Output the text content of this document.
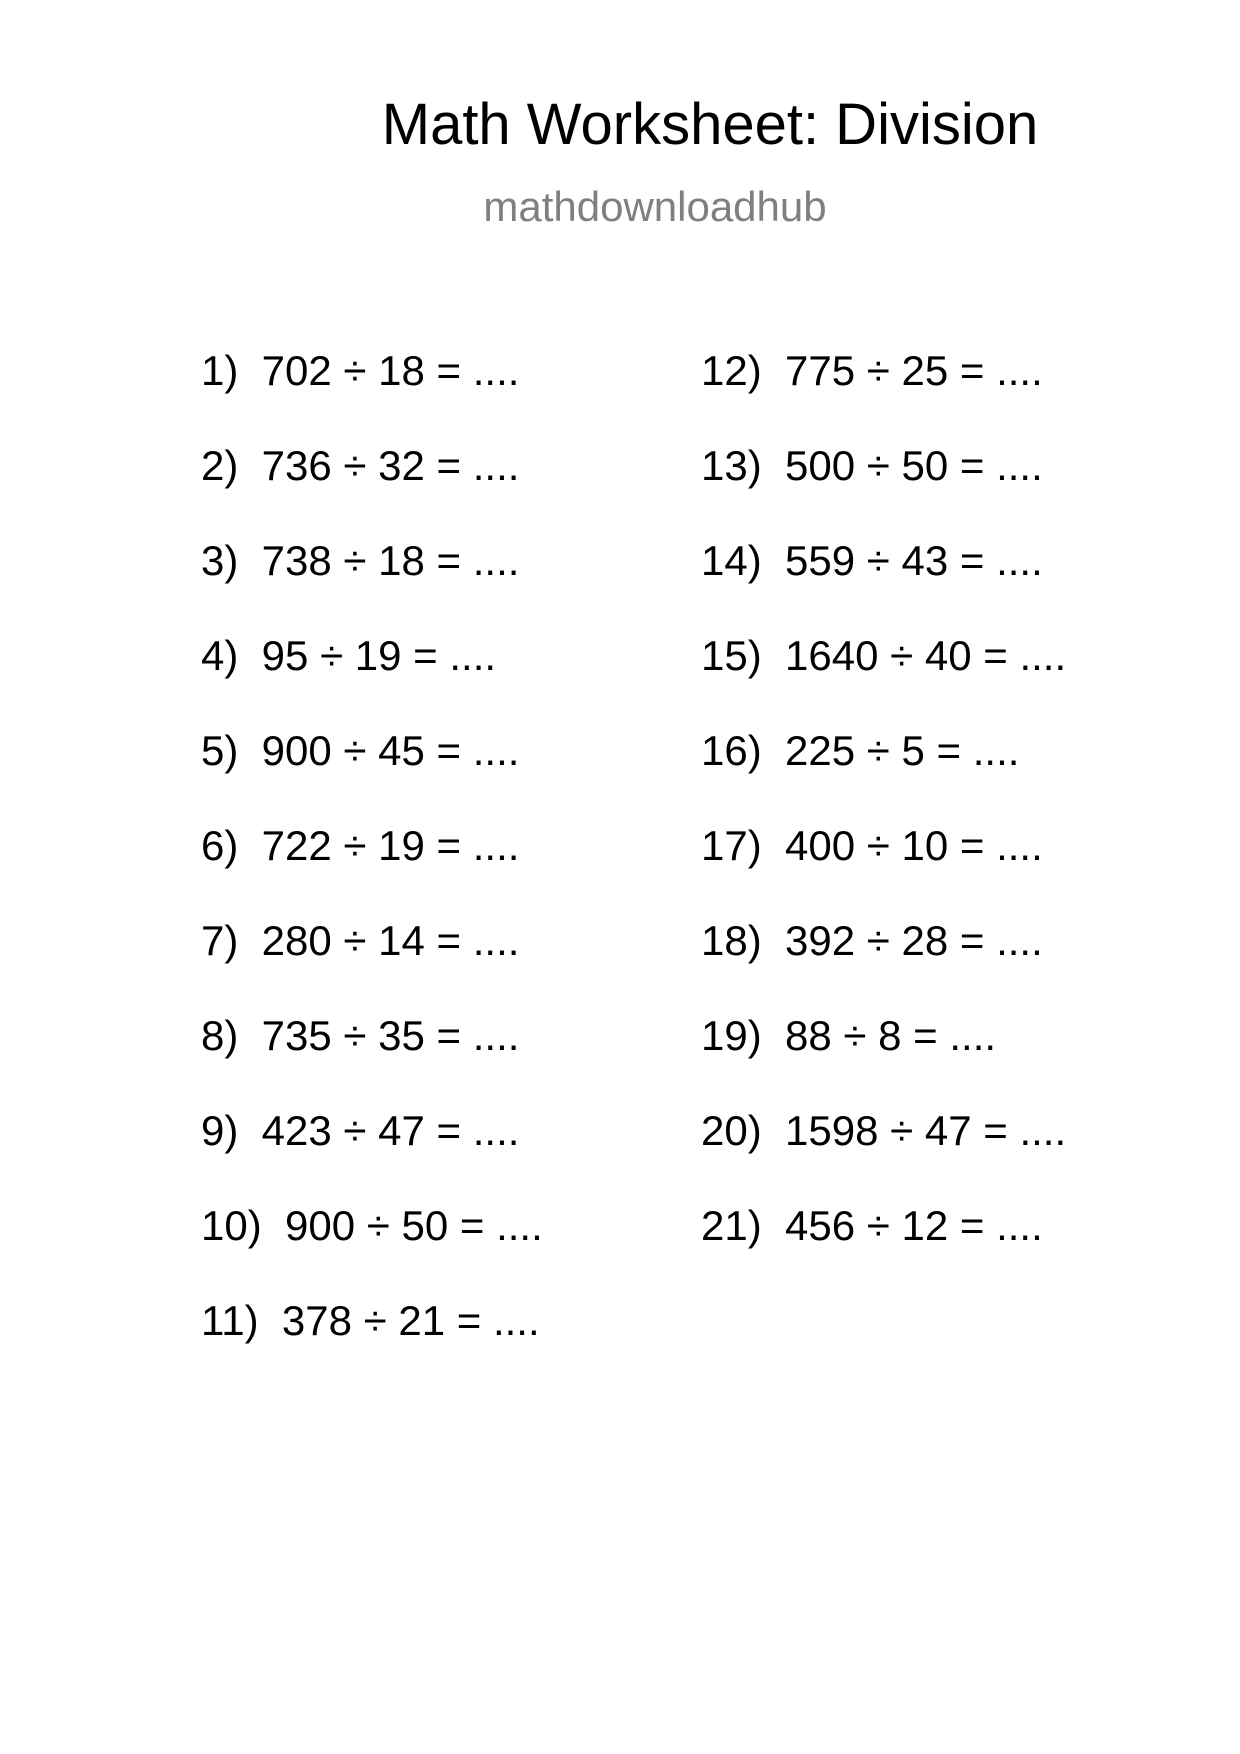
Math Worksheet: Division
mathdownloadhub
1)  702 ÷ 18 = ....
2)  736 ÷ 32 = ....
3)  738 ÷ 18 = ....
4)  95 ÷ 19 = ....
5)  900 ÷ 45 = ....
6)  722 ÷ 19 = ....
7)  280 ÷ 14 = ....
8)  735 ÷ 35 = ....
9)  423 ÷ 47 = ....
10)  900 ÷ 50 = ....
11)  378 ÷ 21 = ....
12)  775 ÷ 25 = ....
13)  500 ÷ 50 = ....
14)  559 ÷ 43 = ....
15)  1640 ÷ 40 = ....
16)  225 ÷ 5 = ....
17)  400 ÷ 10 = ....
18)  392 ÷ 28 = ....
19)  88 ÷ 8 = ....
20)  1598 ÷ 47 = ....
21)  456 ÷ 12 = ....
